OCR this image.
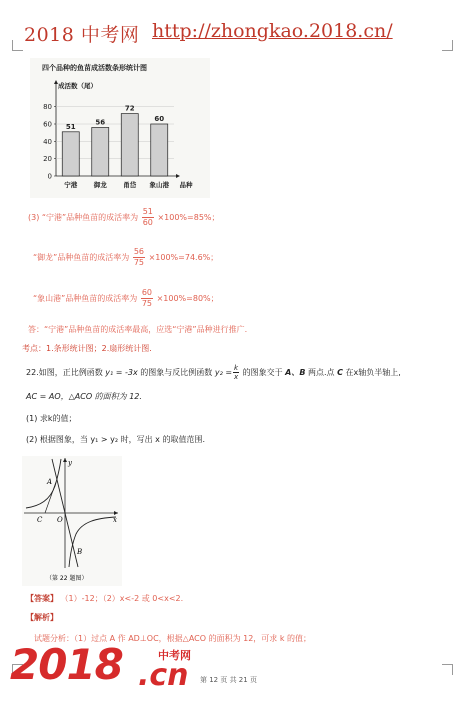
2018 中考网 http://zhongkao.2018.cn/
四个品种的鱼苗成活数条形统计图
成活数（尾）
0
20
40
60
80
51
宁港
56
御龙
72
甬岱
60
象山港 品种
(3) “宁港”品种鱼苗的成活率为 $\frac{51}{60} \times 100\%=85\%$；
“御龙”品种鱼苗的成活率为 $\frac{56}{75} \times 100\%=74.6\%$；
“象山港”品种鱼苗的成活率为 $\frac{60}{75} \times 100\%=80\%$；
答：“宁港”品种鱼苗的成活率最高，应选“宁港”品种进行推广.
考点：1.条形统计图；2.扇形统计图.
22.如图，正比例函数 y₁ = -3x 的图象与反比例函数 $y_2 = \frac{k}{x}$ 的图象交于 A、B 两点.点 C 在x轴负半轴上,
AC = AO，△ACO 的面积为 12.
(1) 求k的值；
(2) 根据图象，当 y₁ > y₂ 时，写出 x 的取值范围.
y
x
A
B
C O
（第 22 题图）
【答案】 （1）-12；（2）x<-2 或 0<x<2.
【解析】
试题分析：（1）过点 A 作 AD⊥OC，根据△ACO 的面积为 12，可求 k 的值；
2018	中考网
.cn 第 12 页 共 21 页
